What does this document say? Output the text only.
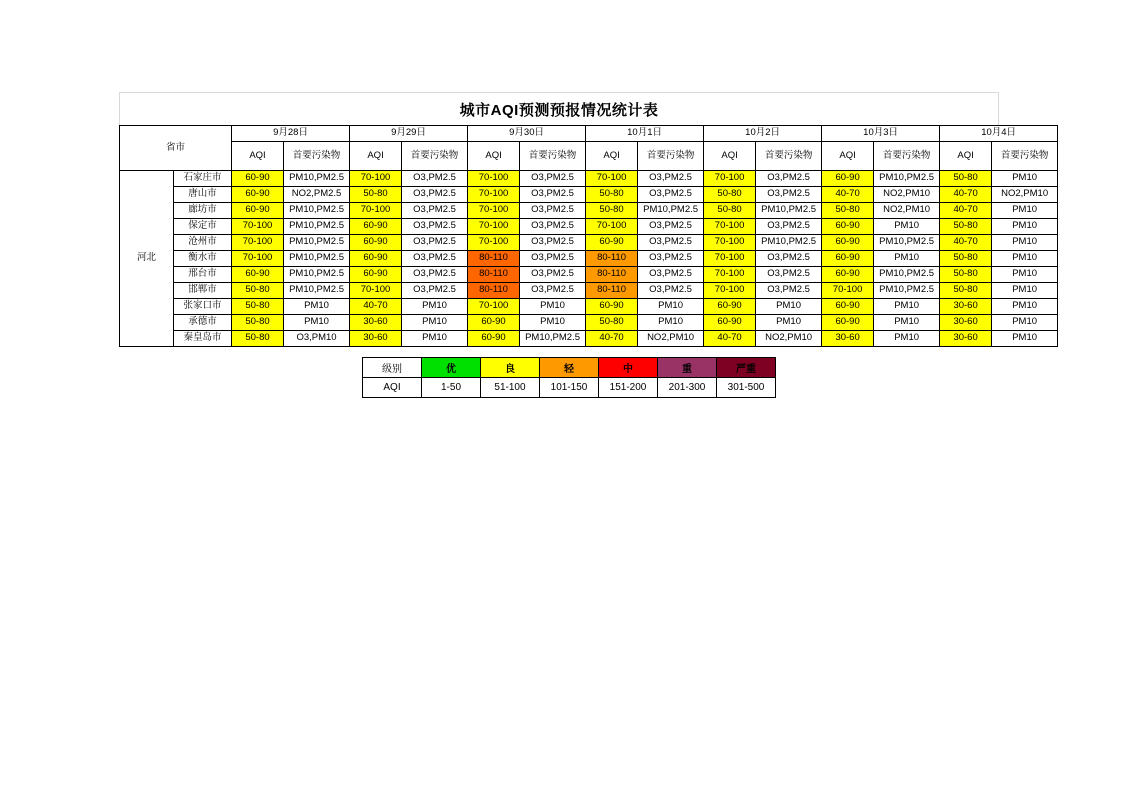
城市AQI预测预报情况统计表
省市		9月28日		9月29日		9月30日		10月1日		10月2日		10月3日		10月4日	
		AQI	首要污染物	AQI	首要污染物	AQI	首要污染物	AQI	首要污染物	AQI	首要污染物	AQI	首要污染物	AQI	首要污染物
河北	石家庄市	60-90	PM10,PM2.5	70-100	O3,PM2.5	70-100	O3,PM2.5	70-100	O3,PM2.5	70-100	O3,PM2.5	60-90	PM10,PM2.5	50-80	PM10
	唐山市	60-90	NO2,PM2.5	50-80	O3,PM2.5	70-100	O3,PM2.5	50-80	O3,PM2.5	50-80	O3,PM2.5	40-70	NO2,PM10	40-70	NO2,PM10
	廊坊市	60-90	PM10,PM2.5	70-100	O3,PM2.5	70-100	O3,PM2.5	50-80	PM10,PM2.5	50-80	PM10,PM2.5	50-80	NO2,PM10	40-70	PM10
	保定市	70-100	PM10,PM2.5	60-90	O3,PM2.5	70-100	O3,PM2.5	70-100	O3,PM2.5	70-100	O3,PM2.5	60-90	PM10	50-80	PM10
	沧州市	70-100	PM10,PM2.5	60-90	O3,PM2.5	70-100	O3,PM2.5	60-90	O3,PM2.5	70-100	PM10,PM2.5	60-90	PM10,PM2.5	40-70	PM10
	衡水市	70-100	PM10,PM2.5	60-90	O3,PM2.5	80-110	O3,PM2.5	80-110	O3,PM2.5	70-100	O3,PM2.5	60-90	PM10	50-80	PM10
	邢台市	60-90	PM10,PM2.5	60-90	O3,PM2.5	80-110	O3,PM2.5	80-110	O3,PM2.5	70-100	O3,PM2.5	60-90	PM10,PM2.5	50-80	PM10
	邯郸市	50-80	PM10,PM2.5	70-100	O3,PM2.5	80-110	O3,PM2.5	80-110	O3,PM2.5	70-100	O3,PM2.5	70-100	PM10,PM2.5	50-80	PM10
	张家口市	50-80	PM10	40-70	PM10	70-100	PM10	60-90	PM10	60-90	PM10	60-90	PM10	30-60	PM10
	承德市	50-80	PM10	30-60	PM10	60-90	PM10	50-80	PM10	60-90	PM10	60-90	PM10	30-60	PM10
	秦皇岛市	50-80	O3,PM10	30-60	PM10	60-90	PM10,PM2.5	40-70	NO2,PM10	40-70	NO2,PM10	30-60	PM10	30-60	PM10
级别	优	良	轻	中	重	严重
AQI	1-50	51-100	101-150	151-200	201-300	301-500
